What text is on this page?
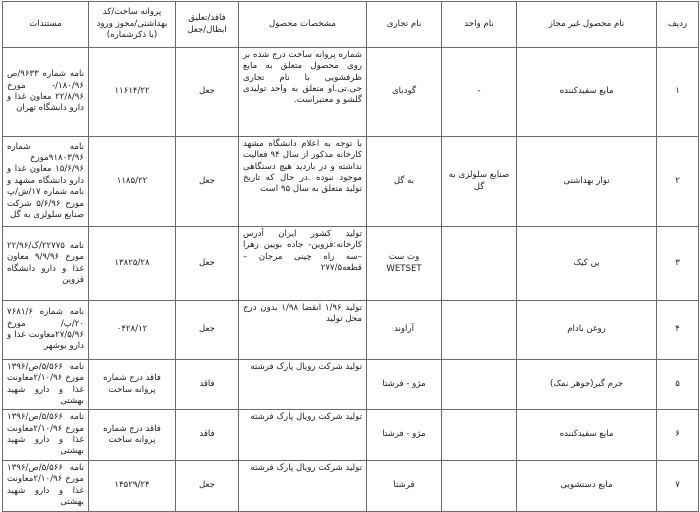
ردیف	نام محصول غیر مجاز	نام واحد	نام تجاری	مشخصات محصول	فاقد/تعلیق ابطال/جعل	پروانه ساخت/کد بهداشتی/مجوز ورود (با ذکرشماره)	مستندات
۱	مایع سفیدکننده	-	گودبای	شماره پروانه ساخت درج شده بر روی محصول متعلق به مایع ظرفشویی با نام تجاری جی.تی.او متعلق به واحد تولیدی گلشو و معتبراست.	جعل	۱۱۶۱۴/۲۲	نامه شماره ۹۶۳۳/ص ۱۸۰/۹۶/- مورخ ۲۲/۸/۹۶ معاون غذا و دارو دانشگاه تهران
۲	نوار بهداشتی	صنایع سلولزی به گل	به گل	با توجه به اعلام دانشگاه مشهد کارخانه مذکور از سال ۹۴ فعالیت نداشته و در بازدید هیچ دستگاهی موجود نبوده .در حال که تاریخ تولید متعلق به سال ۹۵ است	جعل	۱۱۸۵/۲۲	نامه شماره ۹۱۸۰۳/۹۶مورخ ۱۵/۶/۹۶ معاون غذا و دارو دانشگاه مشهد و نامه شماره ۱۷/ش/پ مورخ ۵/۶/۹۶ شرکت صنایع سلولزی به گل
۳	پن کیک		وت ست WETSET	تولید کشور ایران آدرس کارخانه:قزوین- جاده بویین زهرا –سه راه چینی مرجان – قطعه۲۷۷/۵	جعل	۱۳۸۲۵/۲۸	نامه ۲۲۷۷۵/ک/۲۲/۹۶ مورخ ۹/۹/۹۶ معاون غذا و دارو دانشگاه قزوین
۴	روغن بادام		آراوند	تولید ۱/۹۶ انقضا ۱/۹۸ بدون درج محل تولید	جعل	۰۴۲۸/۱۲	نامه شماره ۷۶۸۱/۶ ۲۰/پ/ مورخ ۲۷/۵/۹۶معاونت غذا و دارو بوشهر
۵	جرم گیر(جوهر نمک)		مژو - فرشتا	تولید شرکت رویال پارک فرشته	فاقد	فاقد درج شماره پروانه ساخت	نامه ۵/۵۶۶/ص/۱۳۹۶ مورخ ۲/۱۰/۹۶معاونت غذا و دارو شهید بهشتی
۶	مایع سفیدکننده		مژو - فرشتا	تولید شرکت رویال پارک فرشته	فاقد	فاقد درج شماره پروانه ساخت	نامه ۵/۵۶۶/ص/۱۳۹۶ مورخ ۲/۱۰/۹۶معاونت غذا و دارو شهید بهشتی
۷	مایع دستشویی		فرشتا	تولید شرکت رویال پارک فرشته	جعل	۱۴۵۲۹/۲۴	نامه ۵/۵۶۶/ص/۱۳۹۶ مورخ ۲/۱۰/۹۶معاونت غذا و دارو شهید بهشتی
